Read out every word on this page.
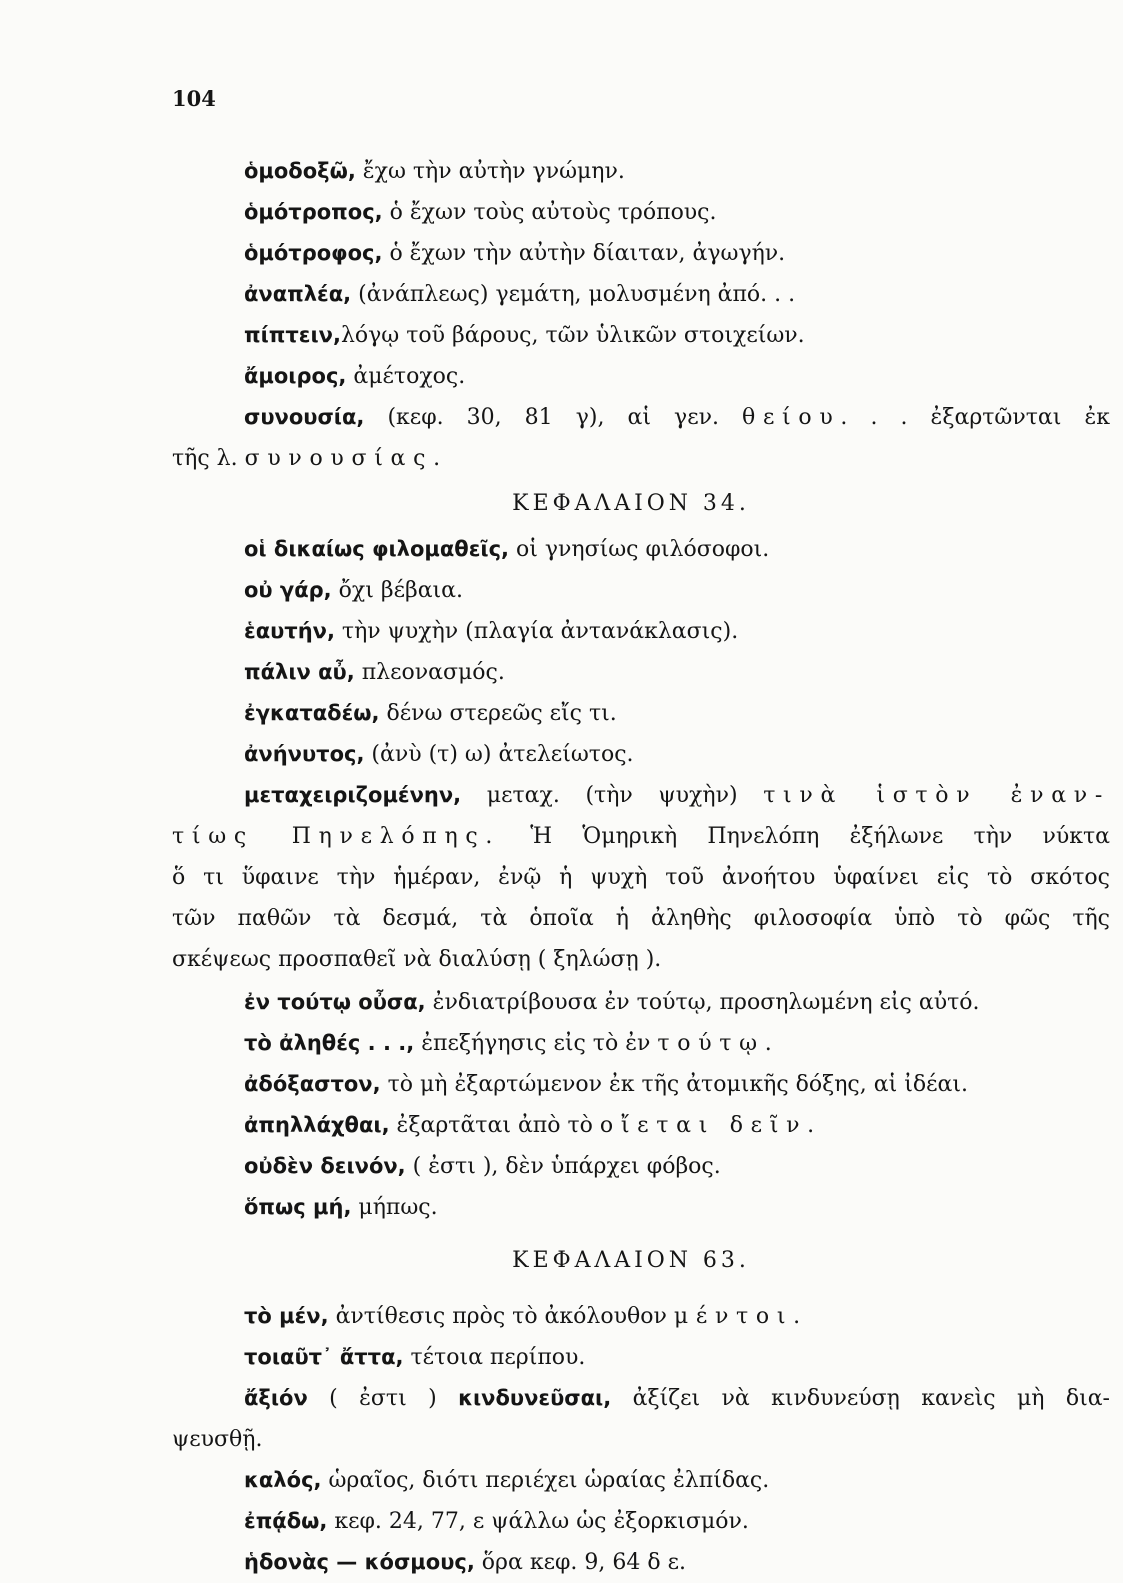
104
ὁμοδοξῶ, ἔχω τὴν αὐτὴν γνώμην.
ὁμότροπος, ὁ ἔχων τοὺς αὐτοὺς τρόπους.
ὁμότροφος, ὁ ἔχων τὴν αὐτὴν δίαιταν, ἀγωγήν.
ἀναπλέα, (ἀνάπλεως) γεμάτη, μολυσμένη ἀπό. . .
πίπτειν,λόγῳ τοῦ βάρους, τῶν ὑλικῶν στοιχείων.
ἄμοιρος, ἀμέτοχος.
συνουσία, (κεφ. 30, 81 γ), αἱ γεν. θείου. . . ἐξαρτῶνται ἐκ
τῆς λ. συνουσίας.
ΚΕΦΑΛΑΙΟΝ 34.
οἱ δικαίως φιλομαθεῖς, οἱ γνησίως φιλόσοφοι.
οὐ γάρ, ὄχι βέβαια.
ἑαυτήν, τὴν ψυχὴν (πλαγία ἀντανάκλασις).
πάλιν αὖ, πλεονασμός.
ἐγκαταδέω, δένω στερεῶς εἴς τι.
ἀνήνυτος, (ἀνὺ (τ) ω) ἀτελείωτος.
μεταχειριζομένην, μεταχ. (τὴν ψυχὴν) τινὰ ἱστὸν ἐναν-
τίως Πηνελόπης. Ἡ Ὁμηρικὴ Πηνελόπη ἐξήλωνε τὴν νύκτα
ὅ τι ὕφαινε τὴν ἡμέραν, ἐνῷ ἡ ψυχὴ τοῦ ἀνοήτου ὑφαίνει εἰς τὸ σκότος
τῶν παθῶν τὰ δεσμά, τὰ ὁποῖα ἡ ἀληθὴς φιλοσοφία ὑπὸ τὸ φῶς τῆς
σκέψεως προσπαθεῖ νὰ διαλύσῃ ( ξηλώσῃ ).
ἐν τούτῳ οὖσα, ἐνδιατρίβουσα ἐν τούτῳ, προσηλωμένη εἰς αὐτό.
τὸ ἀληθές . . ., ἐπεξήγησις εἰς τὸ ἐν τούτῳ.
ἀδόξαστον, τὸ μὴ ἐξαρτώμενον ἐκ τῆς ἀτομικῆς δόξης, αἱ ἰδέαι.
ἀπηλλάχθαι, ἐξαρτᾶται ἀπὸ τὸ οἴεται δεῖν.
οὐδὲν δεινόν, ( ἐστι ), δὲν ὑπάρχει φόβος.
ὅπως μή, μήπως.
ΚΕΦΑΛΑΙΟΝ 63.
τὸ μέν, ἀντίθεσις πρὸς τὸ ἀκόλουθον μέντοι.
τοιαῦτ᾽ ἄττα, τέτοια περίπου.
ἄξιόν ( ἐστι ) κινδυνεῦσαι, ἀξίζει νὰ κινδυνεύσῃ κανεὶς μὴ δια-
ψευσθῇ.
καλός, ὡραῖος, διότι περιέχει ὡραίας ἐλπίδας.
ἐπᾴδω, κεφ. 24, 77, ε ψάλλω ὡς ἐξορκισμόν.
ἡδονὰς — κόσμους, ὅρα κεφ. 9, 64 δ ε.
